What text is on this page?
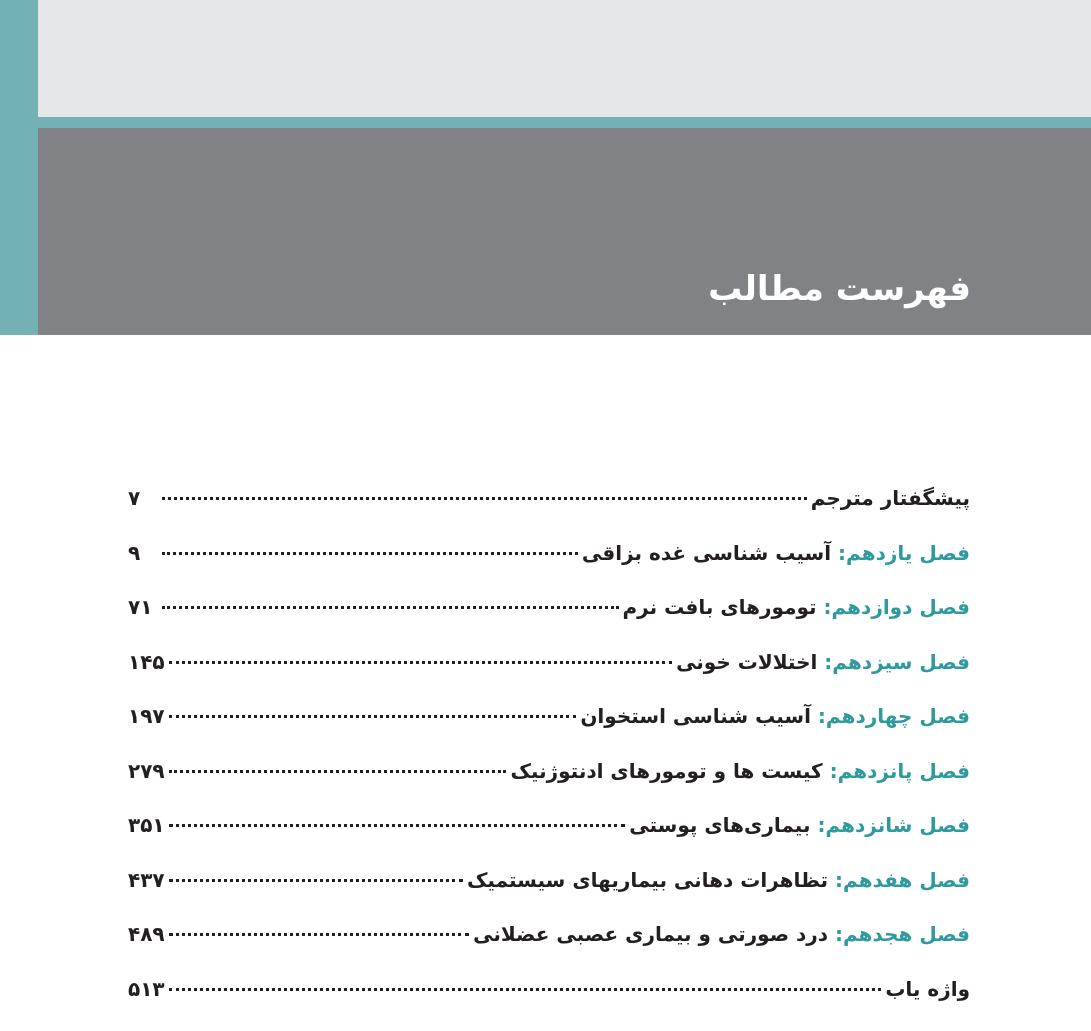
فهرست مطالب
پیشگفتار مترجم
۷
فصل یازدهم: آسیب شناسی غده بزاقی
۹
فصل دوازدهم: تومورهای بافت نرم
۷۱
فصل سیزدهم: اختلالات خونی
۱۴۵
فصل چهاردهم: آسیب شناسی استخوان
۱۹۷
فصل پانزدهم: کیست ها و تومورهای ادنتوژنیک
۲۷۹
فصل شانزدهم: بیماری‌های پوستی
۳۵۱
فصل هفدهم: تظاهرات دهانی بیماریهای سیستمیک
۴۳۷
فصل هجدهم: درد صورتی و بیماری عصبی عضلانی
۴۸۹
واژه یاب
۵۱۳
